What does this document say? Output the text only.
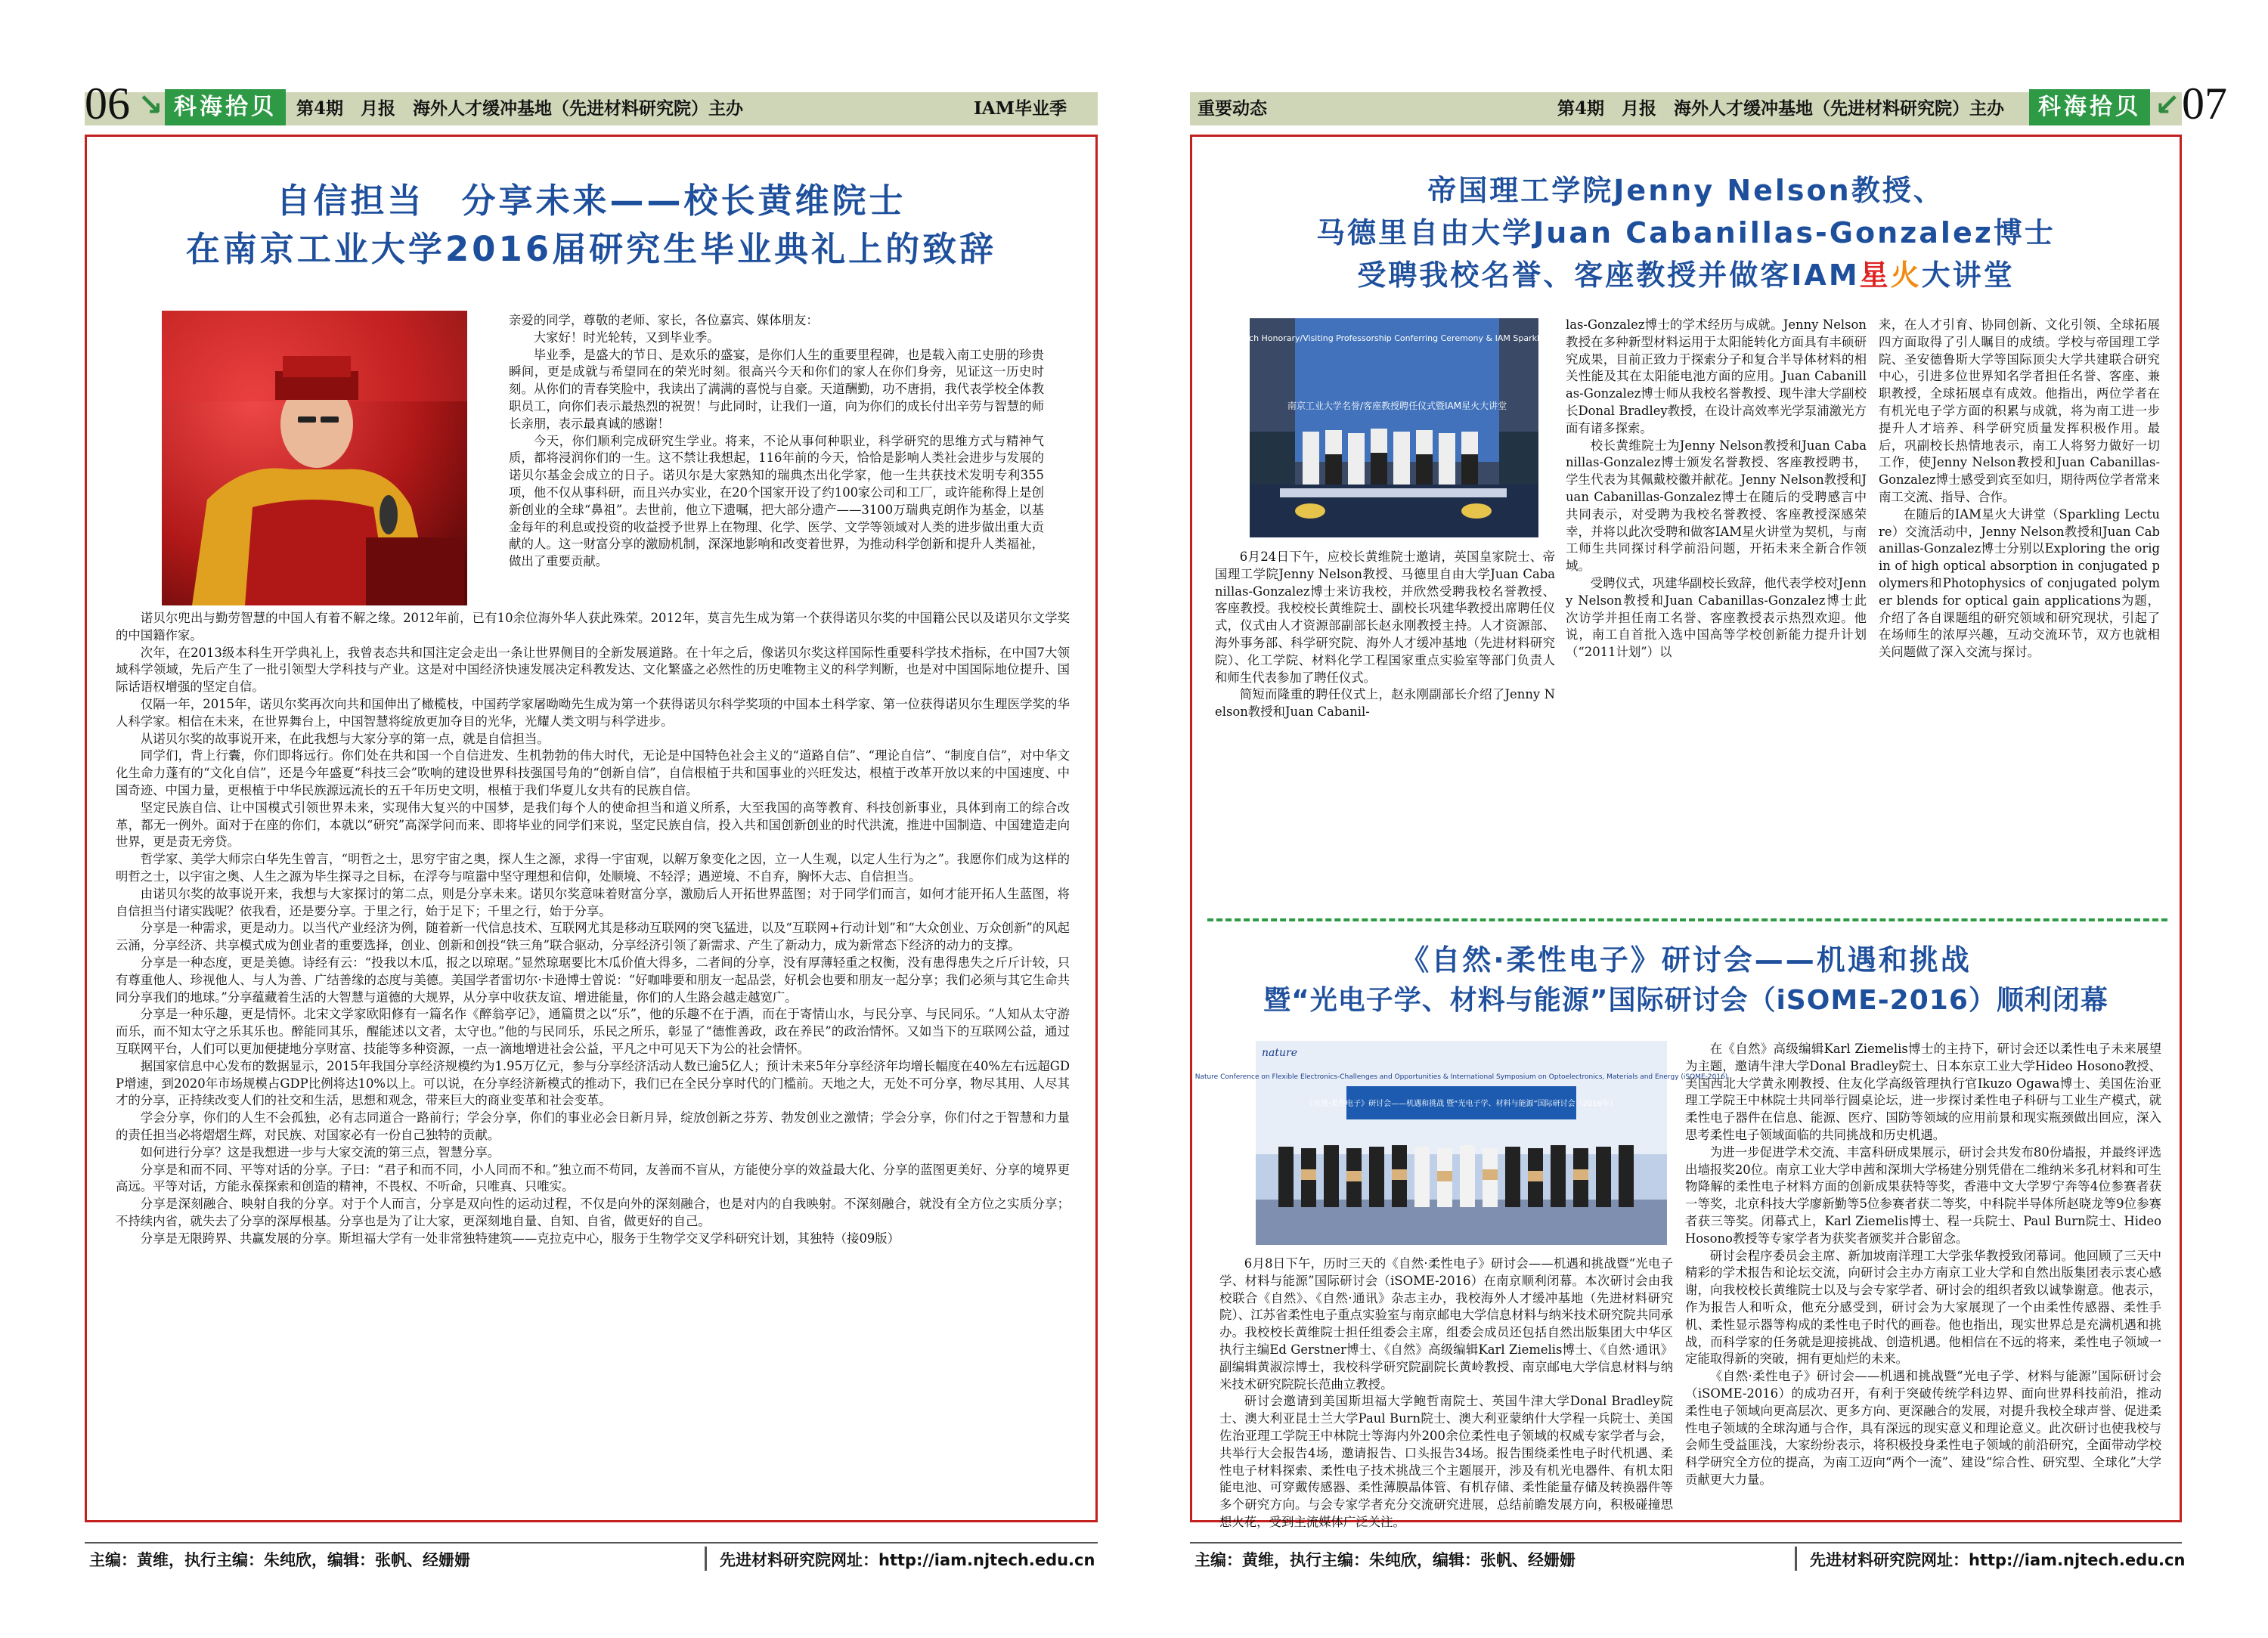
06 ↘ 科海拾贝	第4期　月报　海外人才缓冲基地（先进材料研究院）主办	IAM毕业季
自信担当　分享未来——校长黄维院士
在南京工业大学2016届研究生毕业典礼上的致辞

亲爱的同学，尊敬的老师、家长，各位嘉宾、媒体朋友：

大家好！时光轮转，又到毕业季。

毕业季，是盛大的节日、是欢乐的盛宴，是你们人生的重要里程碑，也是载入南工史册的珍贵瞬间，更是成就与希望同在的荣光时刻。很高兴今天和你们的家人在你们身旁，见证这一历史时刻。从你们的青春笑脸中，我读出了满满的喜悦与自豪。天道酬勤，功不唐捐，我代表学校全体教职员工，向你们表示最热烈的祝贺！与此同时，让我们一道，向为你们的成长付出辛劳与智慧的师长亲朋，表示最真诚的感谢！

今天，你们顺利完成研究生学业。将来，不论从事何种职业，科学研究的思维方式与精神气质，都将浸润你们的一生。这不禁让我想起，116年前的今天，恰恰是影响人类社会进步与发展的诺贝尔基金会成立的日子。诺贝尔是大家熟知的瑞典杰出化学家，他一生共获技术发明专利355项，他不仅从事科研，而且兴办实业，在20个国家开设了约100家公司和工厂，或许能称得上是创新创业的全球“鼻祖”。去世前，他立下遗嘱，把大部分遗产——3100万瑞典克朗作为基金，以基金每年的利息或投资的收益授予世界上在物理、化学、医学、文学等领域对人类的进步做出重大贡献的人。这一财富分享的激励机制，深深地影响和改变着世界，为推动科学创新和提升人类福祉，做出了重要贡献。

诺贝尔兜出与勤劳智慧的中国人有着不解之缘。2012年前，已有10余位海外华人获此殊荣。2012年，莫言先生成为第一个获得诺贝尔奖的中国籍公民以及诺贝尔文学奖的中国籍作家。

次年，在2013级本科生开学典礼上，我曾表态共和国注定会走出一条让世界侧目的全新发展道路。在十年之后，像诺贝尔奖这样国际性重要科学技术指标，在中国7大领域科学领域，先后产生了一批引领型大学科技与产业。这是对中国经济快速发展决定科教发达、文化繁盛之必然性的历史唯物主义的科学判断，也是对中国国际地位提升、国际话语权增强的坚定自信。

仅隔一年，2015年，诺贝尔奖再次向共和国伸出了橄榄枝，中国药学家屠呦呦先生成为第一个获得诺贝尔科学奖项的中国本土科学家、第一位获得诺贝尔生理医学奖的华人科学家。相信在未来，在世界舞台上，中国智慧将绽放更加夺目的光华，光耀人类文明与科学进步。

从诺贝尔奖的故事说开来，在此我想与大家分享的第一点，就是自信担当。

同学们，背上行囊，你们即将远行。你们处在共和国一个自信进发、生机勃勃的伟大时代，无论是中国特色社会主义的“道路自信”、“理论自信”、“制度自信”，对中华文化生命力蓬有的“文化自信”，还是今年盛夏“科技三会”吹响的建设世界科技强国号角的“创新自信”，自信根植于共和国事业的兴旺发达，根植于改革开放以来的中国速度、中国奇迹、中国力量，更根植于中华民族源远流长的五千年历史文明，根植于我们华夏儿女共有的民族自信。

坚定民族自信、让中国模式引领世界未来，实现伟大复兴的中国梦，是我们每个人的使命担当和道义所系，大至我国的高等教育、科技创新事业，具体到南工的综合改革，都无一例外。面对于在座的你们，本就以“研究”高深学问而来、即将毕业的同学们来说，坚定民族自信，投入共和国创新创业的时代洪流，推进中国制造、中国建造走向世界，更是责无旁贷。

哲学家、美学大师宗白华先生曾言，“明哲之士，思穷宇宙之奥，探人生之源，求得一宇宙观，以解万象变化之因，立一人生观，以定人生行为之”。我愿你们成为这样的明哲之士，以宇宙之奥、人生之源为毕生探寻之目标，在浮夸与喧嚣中坚守理想和信仰，处顺境、不轻浮；遇逆境、不自弃，胸怀大志、自信担当。

由诺贝尔奖的故事说开来，我想与大家探讨的第二点，则是分享未来。诺贝尔奖意味着财富分享，激励后人开拓世界蓝图；对于同学们而言，如何才能开拓人生蓝图，将自信担当付诸实践呢？依我看，还是要分享。于里之行，始于足下；千里之行，始于分享。

分享是一种需求，更是动力。以当代产业经济为例，随着新一代信息技术、互联网尤其是移动互联网的突飞猛进，以及“互联网+行动计划”和“大众创业、万众创新”的风起云涌，分享经济、共享模式成为创业者的重要选择，创业、创新和创投“铁三角”联合驱动，分享经济引领了新需求、产生了新动力，成为新常态下经济的动力的支撑。

分享是一种态度，更是美德。诗经有云：“投我以木瓜，报之以琼琚。”显然琼琚要比木瓜价值大得多，二者间的分享，没有厚薄轻重之权衡，没有患得患失之斤斤计较，只有尊重他人、珍视他人、与人为善、广结善缘的态度与美德。美国学者雷切尔·卡逊博士曾说：“好咖啡要和朋友一起品尝，好机会也要和朋友一起分享；我们必须与其它生命共同分享我们的地球。”分享蕴藏着生活的大智慧与道德的大规界，从分享中收获友谊、增进能量，你们的人生路会越走越宽广。

分享是一种乐趣，更是情怀。北宋文学家欧阳修有一篇名作《醉翁亭记》，通篇贯之以“乐”，他的乐趣不在于酒，而在于寄情山水，与民分享、与民同乐。“人知从太守游而乐，而不知太守之乐其乐也。醉能同其乐，醒能述以文者，太守也。”他的与民同乐，乐民之所乐，彰显了“德惟善政，政在养民”的政治情怀。又如当下的互联网公益，通过互联网平台，人们可以更加便捷地分享财富、技能等多种资源，一点一滴地增进社会公益，平凡之中可见天下为公的社会情怀。

据国家信息中心发布的数据显示，2015年我国分享经济规模约为1.95万亿元，参与分享经济活动人数已逾5亿人；预计未来5年分享经济年均增长幅度在40%左右远超GDP增速，到2020年市场规模占GDP比例将达10%以上。可以说，在分享经济新模式的推动下，我们已在全民分享时代的门槛前。天地之大，无处不可分享，物尽其用、人尽其才的分享，正持续改变人们的社交和生活，思想和观念，带来巨大的商业变革和社会变革。

学会分享，你们的人生不会孤独，必有志同道合一路前行；学会分享，你们的事业必会日新月异，绽放创新之芬芳、勃发创业之激情；学会分享，你们付之于智慧和力量的责任担当必将熠熠生辉，对民族、对国家必有一份自己独特的贡献。

如何进行分享？这是我想进一步与大家交流的第三点，智慧分享。

分享是和而不同、平等对话的分享。子曰：“君子和而不同，小人同而不和。”独立而不苟同，友善而不盲从，方能使分享的效益最大化、分享的蓝图更美好、分享的境界更高远。平等对话，方能永葆探索和创造的精神，不畏权、不听命，只唯真、只唯实。

分享是深刻融合、映射自我的分享。对于个人而言，分享是双向性的运动过程，不仅是向外的深刻融合，也是对内的自我映射。不深刻融合，就没有全方位之实质分享；不持续内省，就失去了分享的深厚根基。分享也是为了让大家，更深刻地自量、自知、自省，做更好的自己。

分享是无限跨界、共赢发展的分享。斯坦福大学有一处非常独特建筑——克拉克中心，服务于生物学交叉学科研究计划，其独特（接09版）

主编：黄维，执行主编：朱纯欣，编辑：张帆、经姗姗	先进材料研究院网址：http://iam.njtech.edu.cn
重要动态	第4期　月报　海外人才缓冲基地（先进材料研究院）主办	科海拾贝 ↙ 07
帝国理工学院Jenny Nelson教授、
马德里自由大学Juan Cabanillas-Gonzalez博士
受聘我校名誉、客座教授并做客IAM星火大讲堂
NanjingTech Honorary/Visiting Professorship Conferring Ceremony & IAM Sparkling Lecture
南京工业大学名誉/客座教授聘任仪式暨IAM星火大讲堂

6月24日下午，应校长黄维院士邀请，英国皇家院士、帝国理工学院Jenny Nelson教授、马德里自由大学Juan Cabanillas-Gonzalez博士来访我校，并欣然受聘我校名誉教授、客座教授。我校校长黄维院士、副校长巩建华教授出席聘任仪式，仪式由人才资源部副部长赵永刚教授主持。人才资源部、海外事务部、科学研究院、海外人才缓冲基地（先进材料研究院）、化工学院、材料化学工程国家重点实验室等部门负责人和师生代表参加了聘任仪式。

简短而隆重的聘任仪式上，赵永刚副部长介绍了Jenny Nelson教授和Juan Cabanil-

las-Gonzalez博士的学术经历与成就。Jenny Nelson教授在多种新型材料运用于太阳能转化方面具有丰硕研究成果，目前正致力于探索分子和复合半导体材料的相关性能及其在太阳能电池方面的应用。Juan Cabanillas-Gonzalez博士师从我校名誉教授、现牛津大学副校长Donal Bradley教授，在设计高效率光学泵浦激光方面有诸多探索。

校长黄维院士为Jenny Nelson教授和Juan Cabanillas-Gonzalez博士颁发名誉教授、客座教授聘书，学生代表为其佩戴校徽并献花。Jenny Nelson教授和Juan Cabanillas-Gonzalez博士在随后的受聘感言中共同表示，对受聘为我校名誉教授、客座教授深感荣幸，并将以此次受聘和做客IAM星火讲堂为契机，与南工师生共同探讨科学前沿问题，开拓未来全新合作领域。

受聘仪式，巩建华副校长致辞，他代表学校对Jenny Nelson教授和Juan Cabanillas-Gonzalez博士此次访学并担任南工名誉、客座教授表示热烈欢迎。他说，南工自首批入选中国高等学校创新能力提升计划（“2011计划”）以

来，在人才引育、协同创新、文化引领、全球拓展四方面取得了引人瞩目的成绩。学校与帝国理工学院、圣安德鲁斯大学等国际顶尖大学共建联合研究中心，引进多位世界知名学者担任名誉、客座、兼职教授，全球拓展卓有成效。他指出，两位学者在有机光电子学方面的积累与成就，将为南工进一步提升人才培养、科学研究质量发挥积极作用。最后，巩副校长热情地表示，南工人将努力做好一切工作，使Jenny Nelson教授和Juan Cabanillas-Gonzalez博士感受到宾至如归，期待两位学者常来南工交流、指导、合作。

在随后的IAM星火大讲堂（Sparkling Lecture）交流活动中，Jenny Nelson教授和Juan Cabanillas-Gonzalez博士分别以Exploring the origin of high optical absorption in conjugated polymers和Photophysics of conjugated polymer blends for optical gain applications为题，介绍了各自课题组的研究领域和研究现状，引起了在场师生的浓厚兴趣，互动交流环节，双方也就相关问题做了深入交流与探讨。

《自然·柔性电子》研讨会——机遇和挑战
暨“光电子学、材料与能源”国际研讨会（iSOME-2016）顺利闭幕
nature
Nature Conference on Flexible Electronics-Challenges and Opportunities & International Symposium on Optoelectronics, Materials and Energy (iSOME-2016)
《自然·柔性电子》研讨会——机遇和挑战 暨“光电子学、材料与能源”国际研讨会（2016年）

6月8日下午，历时三天的《自然·柔性电子》研讨会——机遇和挑战暨“光电子学、材料与能源”国际研讨会（iSOME-2016）在南京顺利闭幕。本次研讨会由我校联合《自然》、《自然·通讯》杂志主办，我校海外人才缓冲基地（先进材料研究院）、江苏省柔性电子重点实验室与南京邮电大学信息材料与纳米技术研究院共同承办。我校校长黄维院士担任组委会主席，组委会成员还包括自然出版集团大中华区执行主编Ed Gerstner博士、《自然》高级编辑Karl Ziemelis博士、《自然·通讯》副编辑黄淑淙博士，我校科学研究院副院长黄岭教授、南京邮电大学信息材料与纳米技术研究院院长范曲立教授。

研讨会邀请到美国斯坦福大学鲍哲南院士、英国牛津大学Donal Bradley院士、澳大利亚昆士兰大学Paul Burn院士、澳大利亚蒙纳什大学程一兵院士、美国佐治亚理工学院王中林院士等海内外200余位柔性电子领域的权威专家学者与会，共举行大会报告4场，邀请报告、口头报告34场。报告围绕柔性电子时代机遇、柔性电子材料探索、柔性电子技术挑战三个主题展开，涉及有机光电器件、有机太阳能电池、可穿戴传感器、柔性薄膜晶体管、有机存储、柔性能量存储及转换器件等多个研究方向。与会专家学者充分交流研究进展，总结前瞻发展方向，积极碰撞思想火花，受到主流媒体广泛关注。

在《自然》高级编辑Karl Ziemelis博士的主持下，研讨会还以柔性电子未来展望为主题，邀请牛津大学Donal Bradley院士、日本东京工业大学Hideo Hosono教授、美国西北大学黄永刚教授、住友化学高级管理执行官Ikuzo Ogawa博士、美国佐治亚理工学院王中林院士共同举行圆桌论坛，进一步探讨柔性电子科研与工业生产模式，就柔性电子器件在信息、能源、医疗、国防等领域的应用前景和现实瓶颈做出回应，深入思考柔性电子领域面临的共同挑战和历史机遇。

为进一步促进学术交流、丰富科研成果展示，研讨会共发布80份墙报，并最终评选出墙报奖20位。南京工业大学申茜和深圳大学杨建分别凭借在二维纳米多孔材料和可生物降解的柔性电子材料方面的创新成果获特等奖，香港中文大学罗宁奔等4位参赛者获一等奖，北京科技大学廖新勤等5位参赛者获二等奖，中科院半导体所赵晓龙等9位参赛者获三等奖。闭幕式上，Karl Ziemelis博士、程一兵院士、Paul Burn院士、Hideo Hosono教授等专家学者为获奖者颁奖并合影留念。

研讨会程序委员会主席、新加坡南洋理工大学张华教授致闭幕词。他回顾了三天中精彩的学术报告和论坛交流，向研讨会主办方南京工业大学和自然出版集团表示衷心感谢，向我校校长黄维院士以及与会专家学者、研讨会的组织者致以诚挚谢意。他表示，作为报告人和听众，他充分感受到，研讨会为大家展现了一个由柔性传感器、柔性手机、柔性显示器等构成的柔性电子时代的画卷。他也指出，现实世界总是充满机遇和挑战，而科学家的任务就是迎接挑战、创造机遇。他相信在不远的将来，柔性电子领域一定能取得新的突破，拥有更灿烂的未来。

《自然·柔性电子》研讨会——机遇和挑战暨“光电子学、材料与能源”国际研讨会（iSOME-2016）的成功召开，有利于突破传统学科边界、面向世界科技前沿，推动柔性电子领域向更高层次、更多方向、更深融合的发展，对提升我校全球声誉、促进柔性电子领域的全球沟通与合作，具有深远的现实意义和理论意义。此次研讨也使我校与会师生受益匪浅，大家纷纷表示，将积极投身柔性电子领域的前沿研究，全面带动学校科学研究全方位的提高，为南工迈向“两个一流”、建设“综合性、研究型、全球化”大学贡献更大力量。

主编：黄维，执行主编：朱纯欣，编辑：张帆、经姗姗	先进材料研究院网址：http://iam.njtech.edu.cn
